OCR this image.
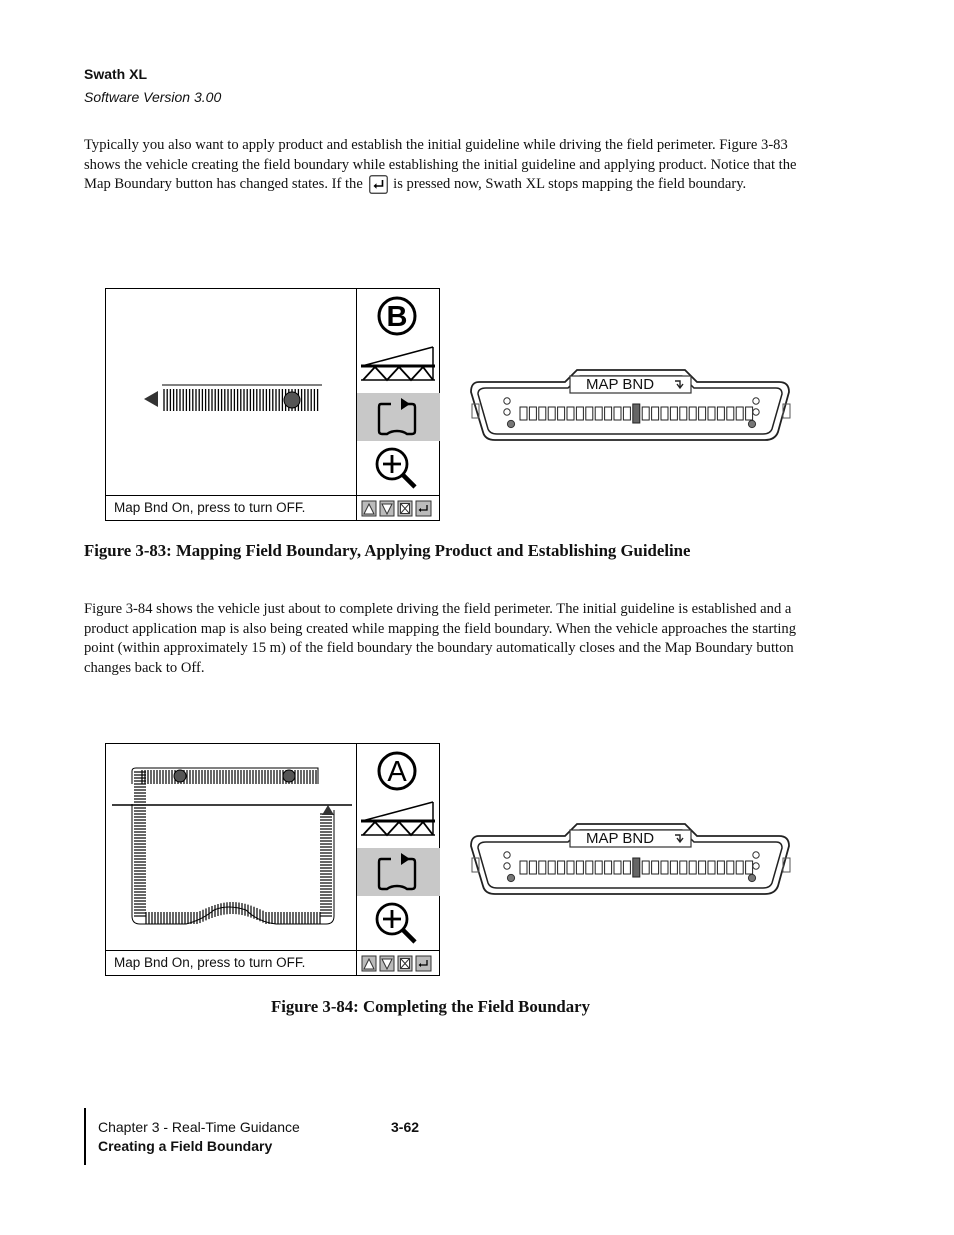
Swath XL
Software Version 3.00
Typically you also want to apply product and establish the initial guideline while driving the field perimeter. Figure 3-83 shows the vehicle creating the field boundary while establishing the initial guideline and applying product. Notice that the Map Boundary button has changed states. If the is pressed now, Swath XL stops mapping the field boundary.
B
Map Bnd On, press to turn OFF.
MAP BND
Figure 3-83: Mapping Field Boundary, Applying Product and Establishing Guideline
Figure 3-84 shows the vehicle just about to complete driving the field perimeter. The initial guideline is established and a product application map is also being created while mapping the field boundary. When the vehicle approaches the starting point (within approximately 15 m) of the field boundary the boundary automatically closes and the Map Boundary button changes back to Off.
A
Map Bnd On, press to turn OFF.
MAP BND
Figure 3-84: Completing the Field Boundary
Chapter 3 - Real-Time Guidance
Creating a Field Boundary
3-62
